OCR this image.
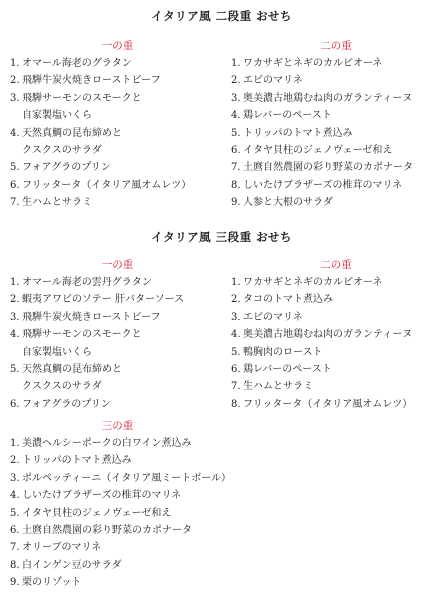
イタリア風 二段重 おせち
一の重
1. オマール海老のグラタン
2. 飛騨牛炭火焼きローストビーフ
3. 飛騨サーモンのスモークと
自家製塩いくら
4. 天然真鯛の昆布締めと
クスクスのサラダ
5. フォアグラのプリン
6. フリッタータ（イタリア風オムレツ）
7. 生ハムとサラミ
二の重
1. ワカサギとネギのカルピオーネ
2. エビのマリネ
3. 奥美濃古地鶏むね肉のガランティーヌ
4. 鶏レバーのペースト
5. トリッパのトマト煮込み
6. イタヤ貝柱のジェノヴェーゼ和え
7. 土麿自然農園の彩り野菜のカポナータ
8. しいたけブラザーズの椎茸のマリネ
9. 人参と大根のサラダ
イタリア風 三段重 おせち
一の重
1. オマール海老の雲丹グラタン
2. 蝦夷アワビのソテー 肝バターソース
3. 飛騨牛炭火焼きローストビーフ
4. 飛騨サーモンのスモークと
自家製塩いくら
5. 天然真鯛の昆布締めと
クスクスのサラダ
6. フォアグラのプリン
二の重
1. ワカサギとネギのカルピオーネ
2. タコのトマト煮込み
3. エビのマリネ
4. 奥美濃古地鶏むね肉のガランティーヌ
5. 鴨胸肉のロースト
6. 鶏レバーのペースト
7. 生ハムとサラミ
8. フリッタータ（イタリア風オムレツ）
三の重
1. 美濃ヘルシーポークの白ワイン煮込み
2. トリッパのトマト煮込み
3. ポルペッティーニ（イタリア風ミートボール）
4. しいたけブラザーズの椎茸のマリネ
5. イタヤ貝柱のジェノヴェーゼ和え
6. 土麿自然農園の彩り野菜のカポナータ
7. オリーブのマリネ
8. 白インゲン豆のサラダ
9. 栗のリゾット
